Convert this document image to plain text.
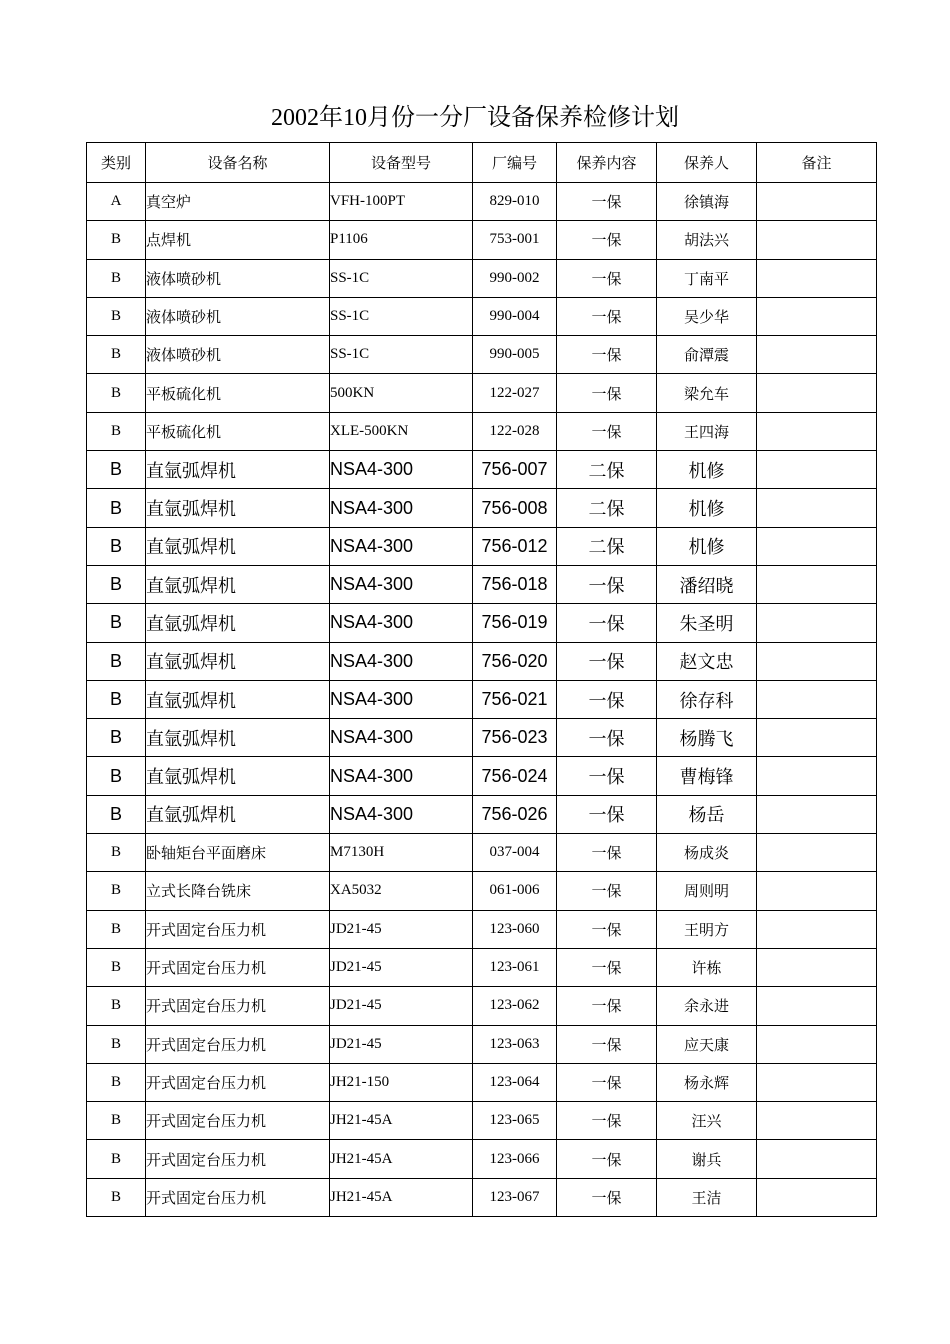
2002年10月份一分厂设备保养检修计划
类别	设备名称	设备型号	厂编号	保养内容	保养人	备注
A	真空炉	VFH-100PT	829-010	一保	徐镇海	
B	点焊机	P1106	753-001	一保	胡法兴	
B	液体喷砂机	SS-1C	990-002	一保	丁南平	
B	液体喷砂机	SS-1C	990-004	一保	吴少华	
B	液体喷砂机	SS-1C	990-005	一保	俞潭震	
B	平板硫化机	500KN	122-027	一保	梁允车	
B	平板硫化机	XLE-500KN	122-028	一保	王四海	
B	直氩弧焊机	NSA4-300	756-007	二保	机修	
B	直氩弧焊机	NSA4-300	756-008	二保	机修	
B	直氩弧焊机	NSA4-300	756-012	二保	机修	
B	直氩弧焊机	NSA4-300	756-018	一保	潘绍晓	
B	直氩弧焊机	NSA4-300	756-019	一保	朱圣明	
B	直氩弧焊机	NSA4-300	756-020	一保	赵文忠	
B	直氩弧焊机	NSA4-300	756-021	一保	徐存科	
B	直氩弧焊机	NSA4-300	756-023	一保	杨腾飞	
B	直氩弧焊机	NSA4-300	756-024	一保	曹梅锋	
B	直氩弧焊机	NSA4-300	756-026	一保	杨岳	
B	卧轴矩台平面磨床	M7130H	037-004	一保	杨成炎	
B	立式长降台铣床	XA5032	061-006	一保	周则明	
B	开式固定台压力机	JD21-45	123-060	一保	王明方	
B	开式固定台压力机	JD21-45	123-061	一保	许栋	
B	开式固定台压力机	JD21-45	123-062	一保	余永进	
B	开式固定台压力机	JD21-45	123-063	一保	应天康	
B	开式固定台压力机	JH21-150	123-064	一保	杨永辉	
B	开式固定台压力机	JH21-45A	123-065	一保	汪兴	
B	开式固定台压力机	JH21-45A	123-066	一保	谢兵	
B	开式固定台压力机	JH21-45A	123-067	一保	王洁	
